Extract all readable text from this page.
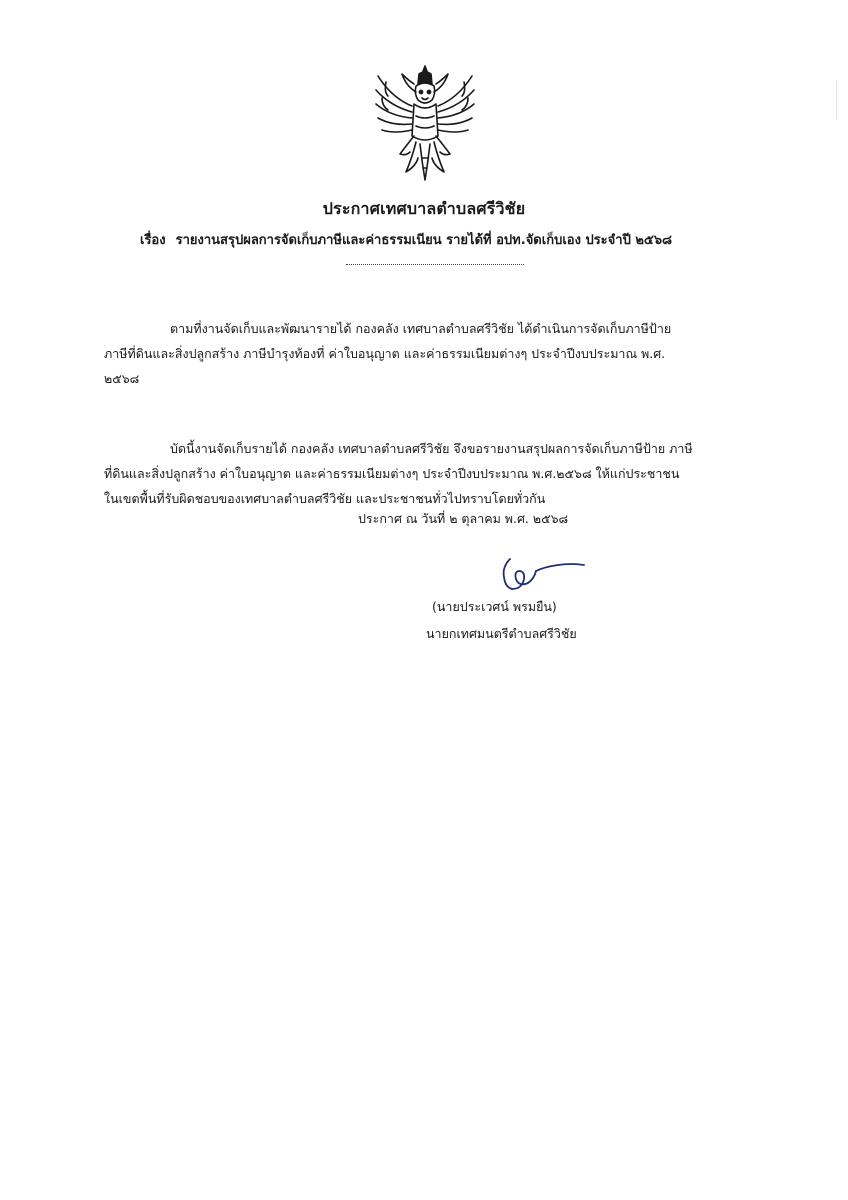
ประกาศเทศบาลตำบลศรีวิชัย
เรื่อง รายงานสรุปผลการจัดเก็บภาษีและค่าธรรมเนียน รายได้ที่ อปท.จัดเก็บเอง ประจำปี ๒๕๖๘
ตามที่งานจัดเก็บและพัฒนารายได้ กองคลัง เทศบาลตำบลศรีวิชัย ได้ดำเนินการจัดเก็บภาษีป้าย
ภาษีที่ดินและสิ่งปลูกสร้าง ภาษีบำรุงท้องที่ ค่าใบอนุญาต และค่าธรรมเนียมต่างๆ ประจำปีงบประมาณ พ.ศ.
๒๕๖๘
บัดนี้งานจัดเก็บรายได้ กองคลัง เทศบาลตำบลศรีวิชัย จึงขอรายงานสรุปผลการจัดเก็บภาษีป้าย ภาษี
ที่ดินและสิ่งปลูกสร้าง ค่าใบอนุญาต และค่าธรรมเนียมต่างๆ ประจำปีงบประมาณ พ.ศ.๒๕๖๘ ให้แก่ประชาชน
ในเขตพื้นที่รับผิดชอบของเทศบาลตำบลศรีวิชัย และประชาชนทั่วไปทราบโดยทั่วกัน
ประกาศ ณ วันที่ ๒ ตุลาคม พ.ศ. ๒๕๖๘
(นายประเวศน์ พรมยืน)
นายกเทศมนตรีตำบลศรีวิชัย
